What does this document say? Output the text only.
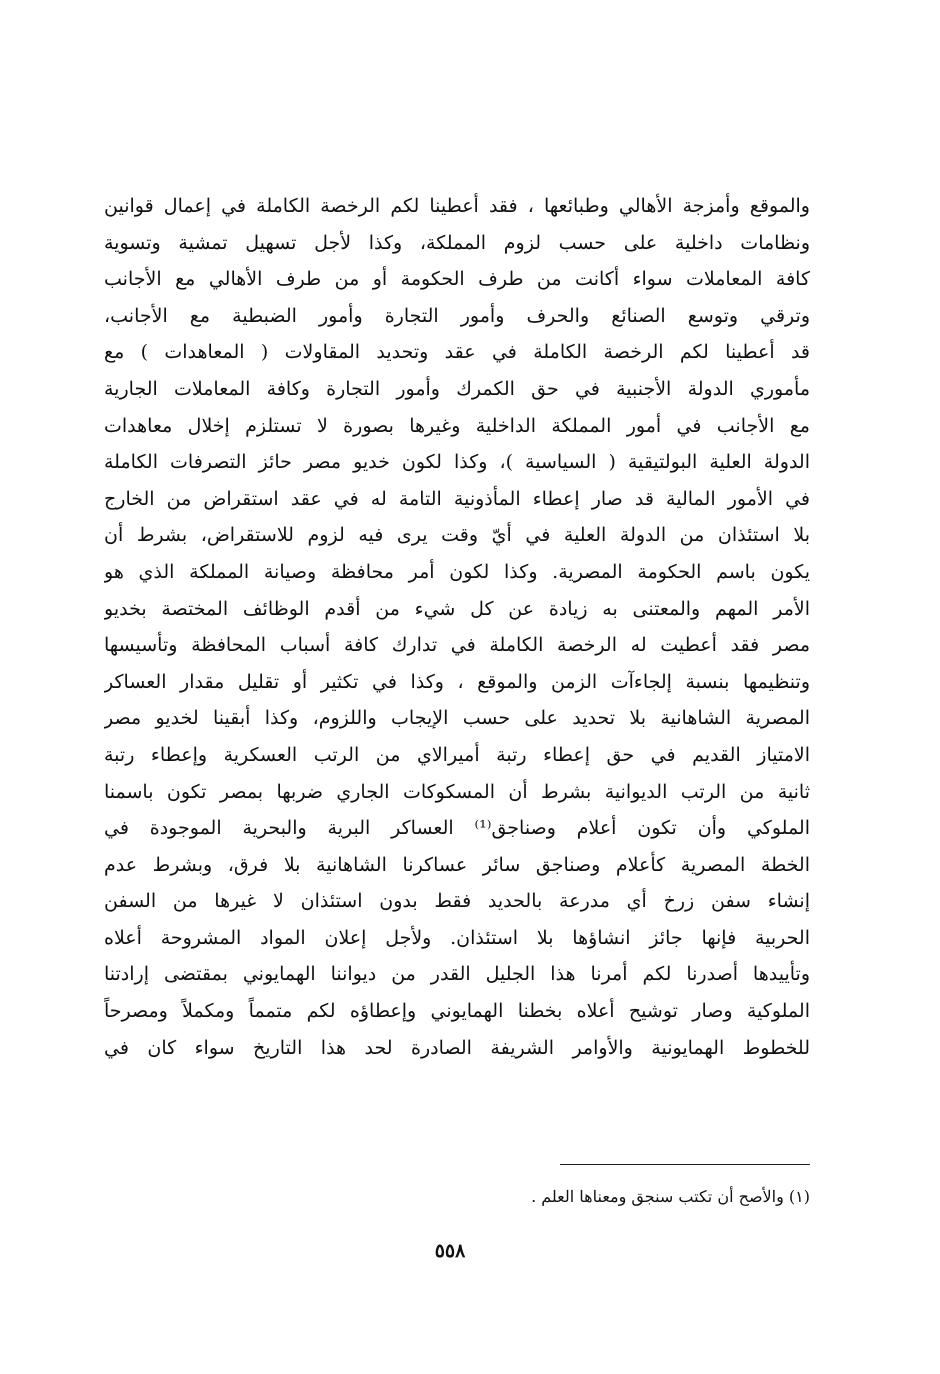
والموقع وأمزجة الأهالي وطبائعها ، فقد أعطينا لكم الرخصة الكاملة في إعمال قوانين
ونظامات داخلية على حسب لزوم المملكة، وكذا لأجل تسهيل تمشية وتسوية
كافة المعاملات سواء أكانت من طرف الحكومة أو من طرف الأهالي مع الأجانب
وترقي وتوسع الصنائع والحرف وأمور التجارة وأمور الضبطية مع الأجانب،
قد أعطينا لكم الرخصة الكاملة في عقد وتحديد المقاولات ( المعاهدات ) مع
مأموري الدولة الأجنبية في حق الكمرك وأمور التجارة وكافة المعاملات الجارية
مع الأجانب في أمور المملكة الداخلية وغيرها بصورة لا تستلزم إخلال معاهدات
الدولة العلية البولتيقية ( السياسية )، وكذا لكون خديو مصر حائز التصرفات الكاملة
في الأمور المالية قد صار إعطاء المأذونية التامة له في عقد استقراض من الخارج
بلا استئذان من الدولة العلية في أيّ وقت يرى فيه لزوم للاستقراض، بشرط أن
يكون باسم الحكومة المصرية. وكذا لكون أمر محافظة وصيانة المملكة الذي هو
الأمر المهم والمعتنى به زيادة عن كل شيء من أقدم الوظائف المختصة بخديو
مصر فقد أعطيت له الرخصة الكاملة في تدارك كافة أسباب المحافظة وتأسيسها
وتنظيمها بنسبة إلجاءآت الزمن والموقع ، وكذا في تكثير أو تقليل مقدار العساكر
المصرية الشاهانية بلا تحديد على حسب الإيجاب واللزوم، وكذا أبقينا لخديو مصر
الامتياز القديم في حق إعطاء رتبة أميرالاي من الرتب العسكرية وإعطاء رتبة
ثانية من الرتب الديوانية بشرط أن المسكوكات الجاري ضربها بمصر تكون باسمنا
الملوكي وأن تكون أعلام وصناجق⁽¹⁾ العساكر البرية والبحرية الموجودة في
الخطة المصرية كأعلام وصناجق سائر عساكرنا الشاهانية بلا فرق، وبشرط عدم
إنشاء سفن زرخ أي مدرعة بالحديد فقط بدون استئذان لا غيرها من السفن
الحربية فإنها جائز انشاؤها بلا استئذان. ولأجل إعلان المواد المشروحة أعلاه
وتأييدها أصدرنا لكم أمرنا هذا الجليل القدر من ديواننا الهمايوني بمقتضى إرادتنا
الملوكية وصار توشيح أعلاه بخطنا الهمايوني وإعطاؤه لكم متمماً ومكملاً ومصرحاً
للخطوط الهمايونية والأوامر الشريفة الصادرة لحد هذا التاريخ سواء كان في
(١) والأصح أن تكتب سنجق ومعناها العلم .
٥٥٨
